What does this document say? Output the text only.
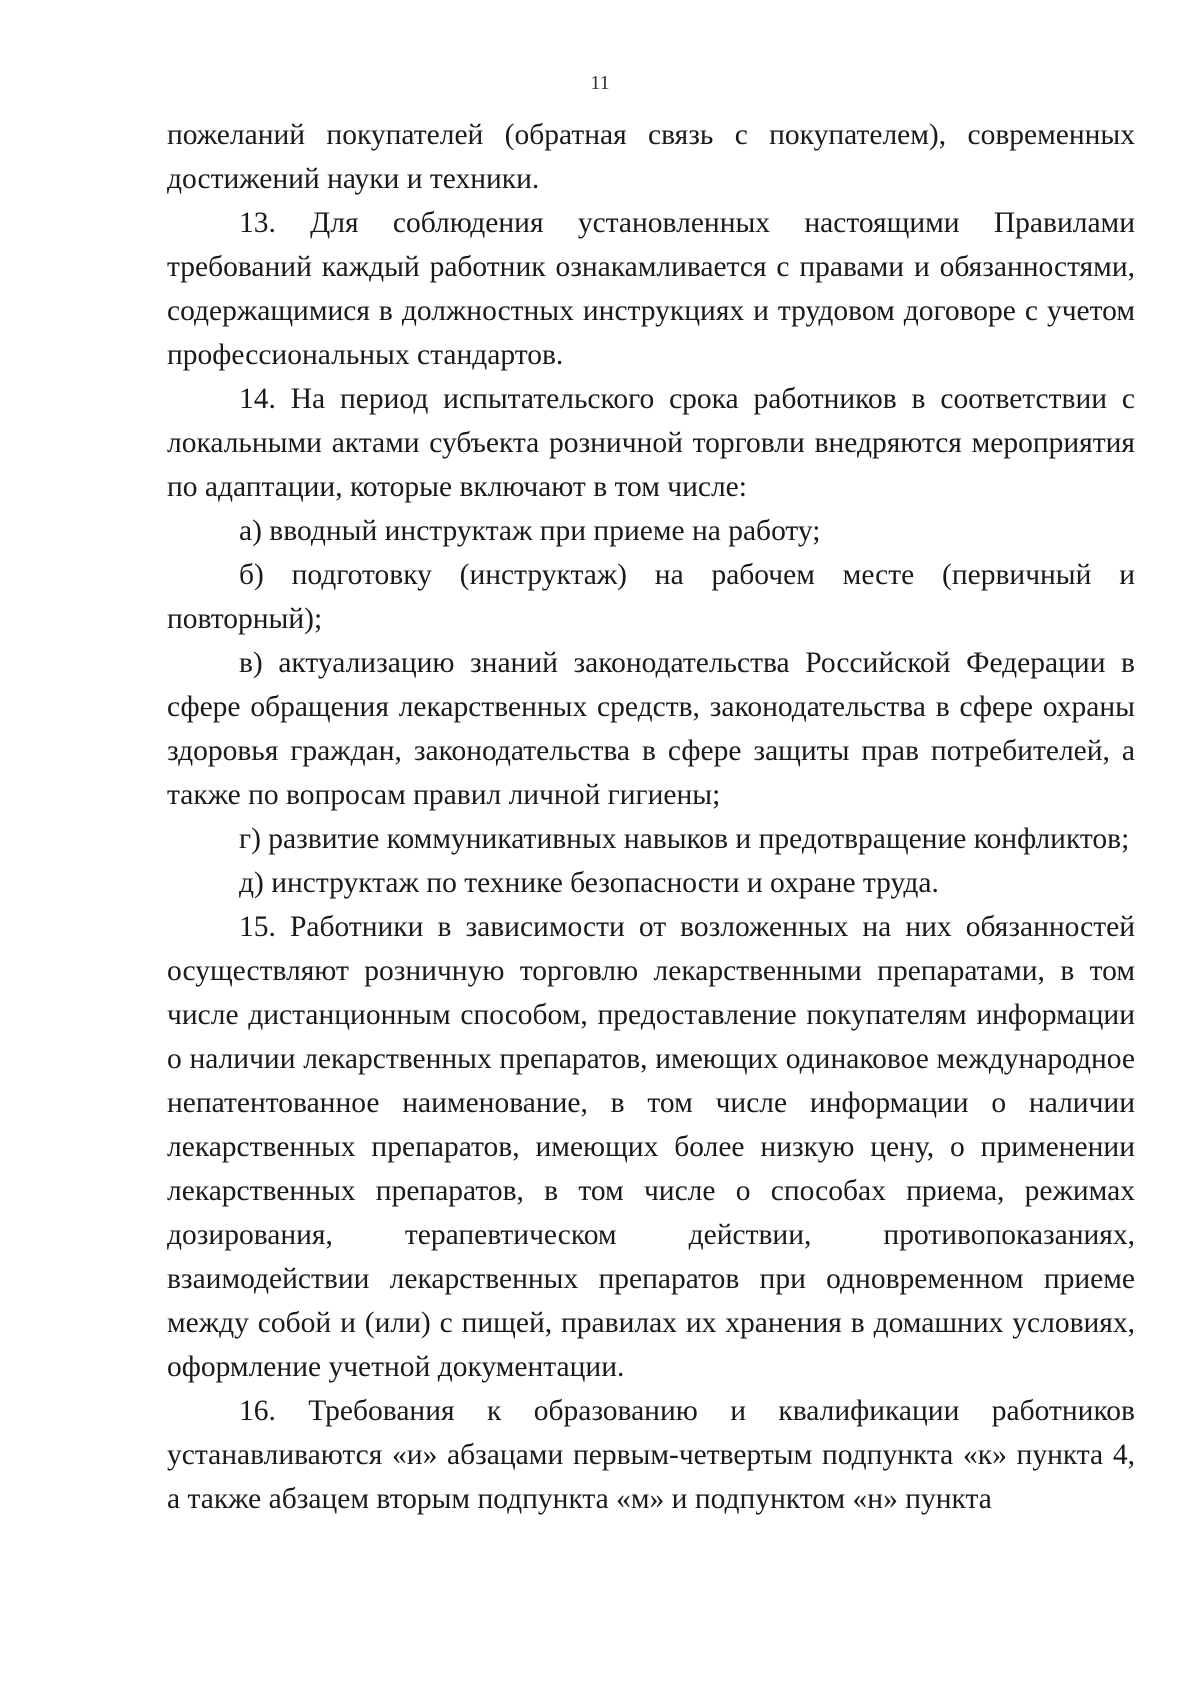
11

пожеланий покупателей (обратная связь с покупателем), современных достижений науки и техники.

13. Для соблюдения установленных настоящими Правилами требований каждый работник ознакамливается с правами и обязанностями, содержащимися в должностных инструкциях и трудовом договоре с учетом профессиональных стандартов.

14. На период испытательского срока работников в соответствии с локальными актами субъекта розничной торговли внедряются мероприятия по адаптации, которые включают в том числе:

а) вводный инструктаж при приеме на работу;

б) подготовку (инструктаж) на рабочем месте (первичный и повторный);

в) актуализацию знаний законодательства Российской Федерации в сфере обращения лекарственных средств, законодательства в сфере охраны здоровья граждан, законодательства в сфере защиты прав потребителей, а также по вопросам правил личной гигиены;

г) развитие коммуникативных навыков и предотвращение конфликтов;

д) инструктаж по технике безопасности и охране труда.

15. Работники в зависимости от возложенных на них обязанностей осуществляют розничную торговлю лекарственными препаратами, в том числе дистанционным способом, предоставление покупателям информации о наличии лекарственных препаратов, имеющих одинаковое международное непатентованное наименование, в том числе информации о наличии лекарственных препаратов, имеющих более низкую цену, о применении лекарственных препаратов, в том числе о способах приема, режимах дозирования, терапевтическом действии, противопоказаниях, взаимодействии лекарственных препаратов при одновременном приеме между собой и (или) с пищей, правилах их хранения в домашних условиях, оформление учетной документации.

16. Требования к образованию и квалификации работников устанавливаются «и» абзацами первым-четвертым подпункта «к» пункта 4, а также абзацем вторым подпункта «м» и подпунктом «н» пункта
